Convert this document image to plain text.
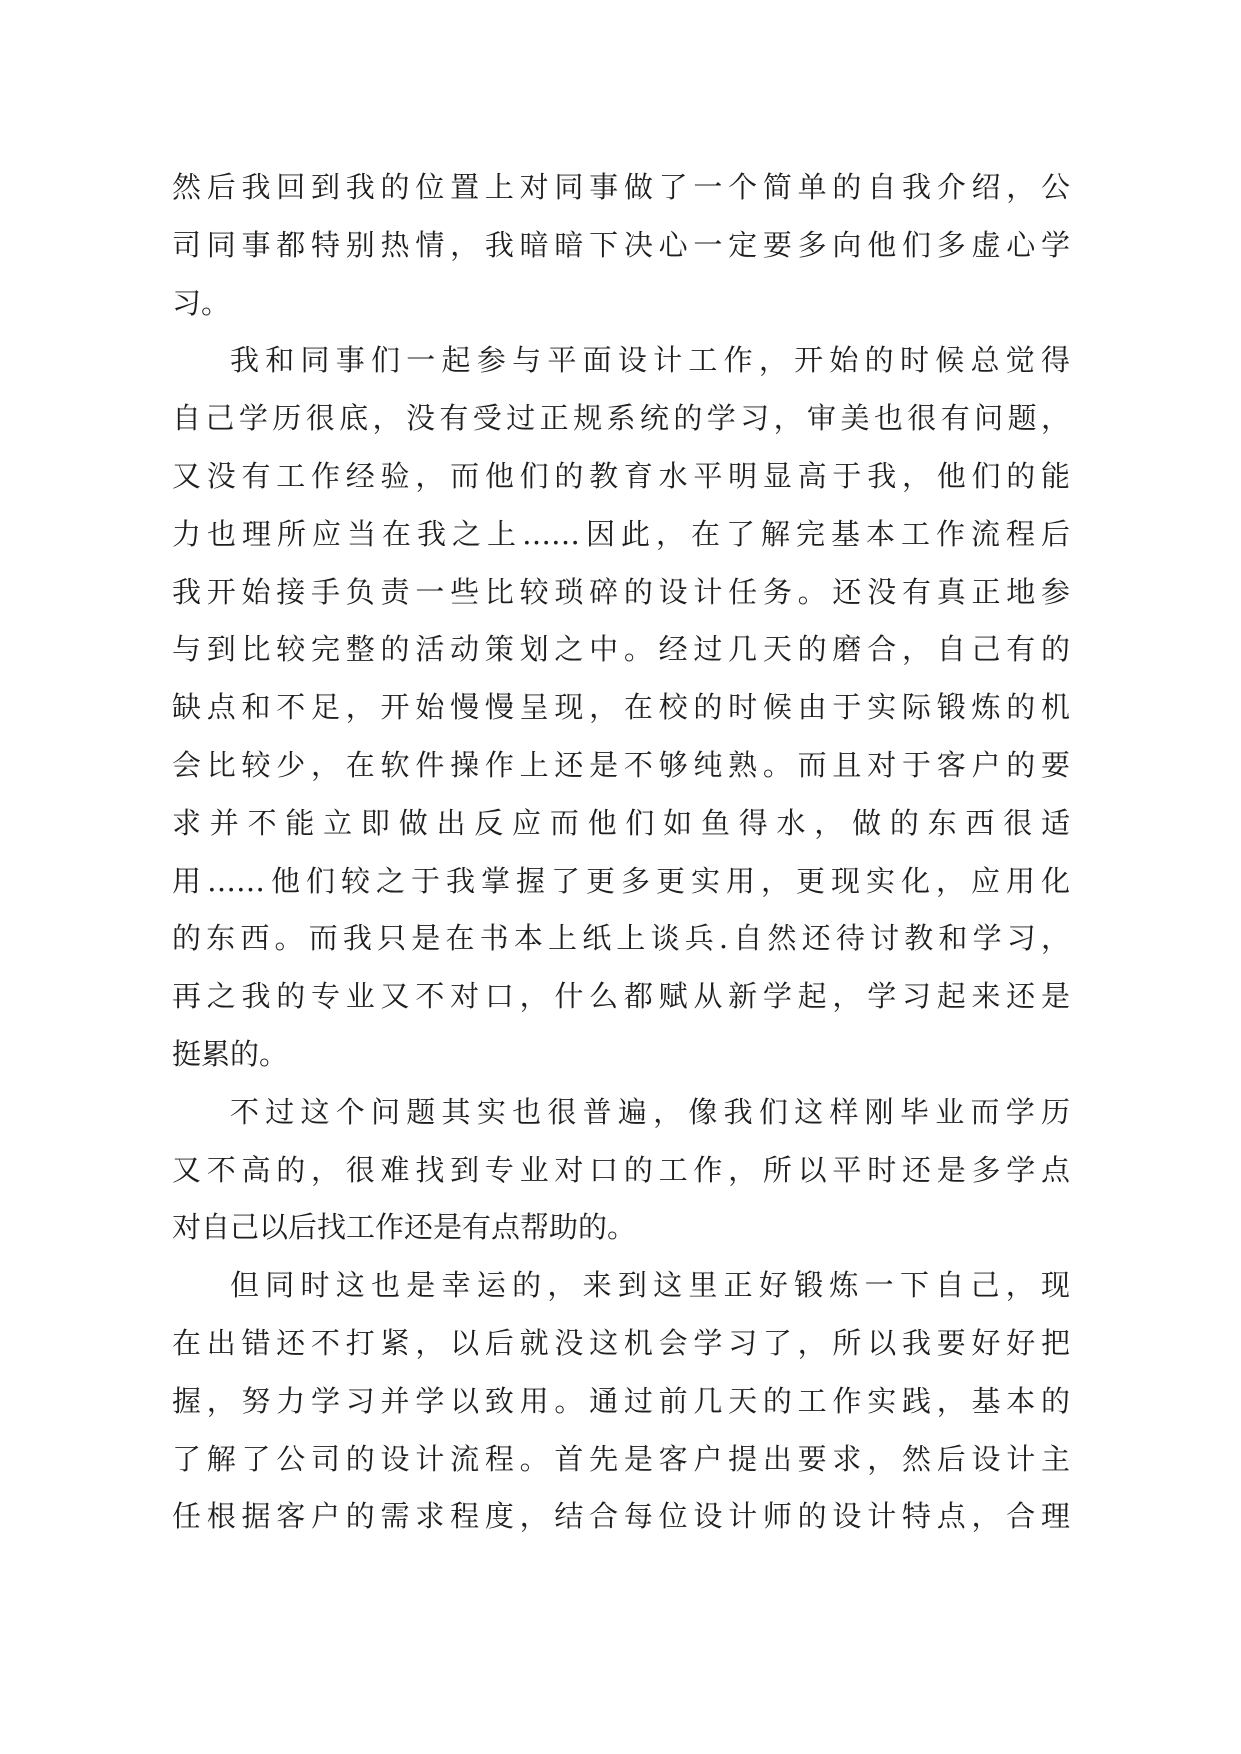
然后我回到我的位置上对同事做了一个简单的自我介绍，公
司同事都特别热情，我暗暗下决心一定要多向他们多虚心学
习。
我和同事们一起参与平面设计工作，开始的时候总觉得
自己学历很底，没有受过正规系统的学习，审美也很有问题，
又没有工作经验，而他们的教育水平明显高于我，他们的能
力也理所应当在我之上……因此，在了解完基本工作流程后
我开始接手负责一些比较琐碎的设计任务。还没有真正地参
与到比较完整的活动策划之中。经过几天的磨合，自己有的
缺点和不足，开始慢慢呈现，在校的时候由于实际锻炼的机
会比较少，在软件操作上还是不够纯熟。而且对于客户的要
求并不能立即做出反应而他们如鱼得水，做的东西很适
用……他们较之于我掌握了更多更实用，更现实化，应用化
的东西。而我只是在书本上纸上谈兵.自然还待讨教和学习，
再之我的专业又不对口，什么都赋从新学起，学习起来还是
挺累的。
不过这个问题其实也很普遍，像我们这样刚毕业而学历
又不高的，很难找到专业对口的工作，所以平时还是多学点
对自己以后找工作还是有点帮助的。
但同时这也是幸运的，来到这里正好锻炼一下自己，现
在出错还不打紧，以后就没这机会学习了，所以我要好好把
握，努力学习并学以致用。通过前几天的工作实践，基本的
了解了公司的设计流程。首先是客户提出要求，然后设计主
任根据客户的需求程度，结合每位设计师的设计特点，合理
